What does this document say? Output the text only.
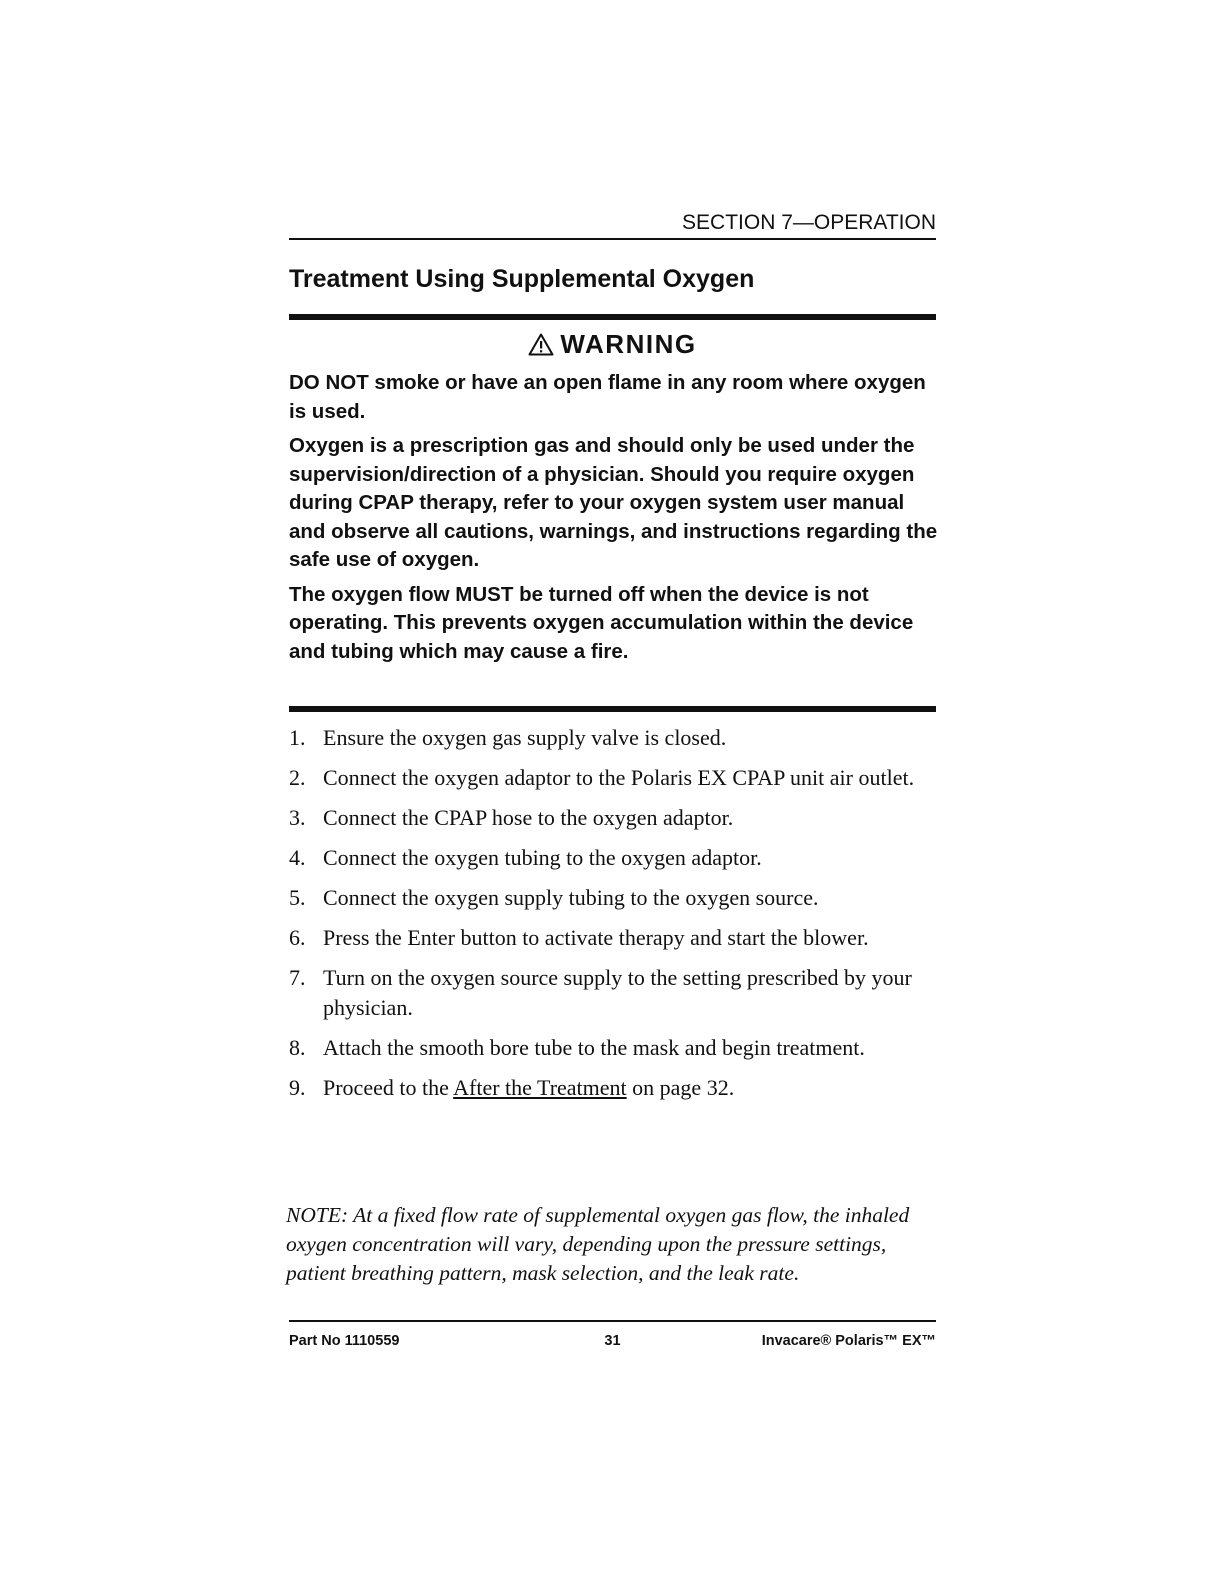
SECTION 7—OPERATION
Treatment Using Supplemental Oxygen
WARNING

DO NOT smoke or have an open flame in any room where oxygen is used.

Oxygen is a prescription gas and should only be used under the supervision/direction of a physician. Should you require oxygen during CPAP therapy, refer to your oxygen system user manual and observe all cautions, warnings, and instructions regarding the safe use of oxygen.

The oxygen flow MUST be turned off when the device is not operating. This prevents oxygen accumulation within the device and tubing which may cause a fire.

1. Ensure the oxygen gas supply valve is closed.
2. Connect the oxygen adaptor to the Polaris EX CPAP unit air outlet.
3. Connect the CPAP hose to the oxygen adaptor.
4. Connect the oxygen tubing to the oxygen adaptor.
5. Connect the oxygen supply tubing to the oxygen source.
6. Press the Enter button to activate therapy and start the blower.
7. Turn on the oxygen source supply to the setting prescribed by your physician.
8. Attach the smooth bore tube to the mask and begin treatment.
9. Proceed to the After the Treatment on page 32.

NOTE: At a fixed flow rate of supplemental oxygen gas flow, the inhaled oxygen concentration will vary, depending upon the pressure settings, patient breathing pattern, mask selection, and the leak rate.

Part No 1110559	31	Invacare® Polaris™ EX™
